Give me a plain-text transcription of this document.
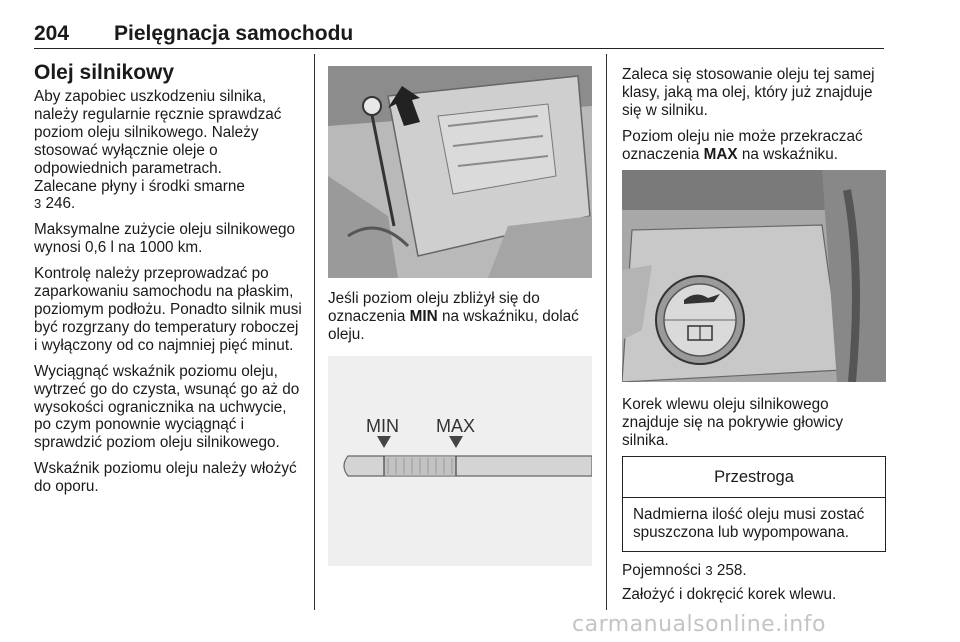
204 Pielęgnacja samochodu
Olej silnikowy

Aby zapobiec uszkodzeniu silnika, należy regularnie ręcznie sprawdzać poziom oleju silnikowego. Należy stosować wyłącznie oleje o odpowiednich parametrach.
Zalecane płyny i środki smarne
3 246.

Maksymalne zużycie oleju silnikowego wynosi 0,6 l na 1000 km.

Kontrolę należy przeprowadzać po zaparkowaniu samochodu na płaskim, poziomym podłożu. Ponadto silnik musi być rozgrzany do temperatury roboczej i wyłączony od co najmniej pięć minut.

Wyciągnąć wskaźnik poziomu oleju, wytrzeć go do czysta, wsunąć go aż do wysokości ogranicznika na uchwycie, po czym ponownie wyciągnąć i sprawdzić poziom oleju silnikowego.

Wskaźnik poziomu oleju należy włożyć do oporu.

Jeśli poziom oleju zbliżył się do oznaczenia MIN na wskaźniku, dolać oleju.

MIN MAX

Zaleca się stosowanie oleju tej samej klasy, jaką ma olej, który już znajduje się w silniku.

Poziom oleju nie może przekraczać oznaczenia MAX na wskaźniku.

Korek wlewu oleju silnikowego znajduje się na pokrywie głowicy silnika.

Przestroga
Nadmierna ilość oleju musi zostać spuszczona lub wypompowana.

Pojemności 3 258.

Założyć i dokręcić korek wlewu.

carmanualsonline.info
